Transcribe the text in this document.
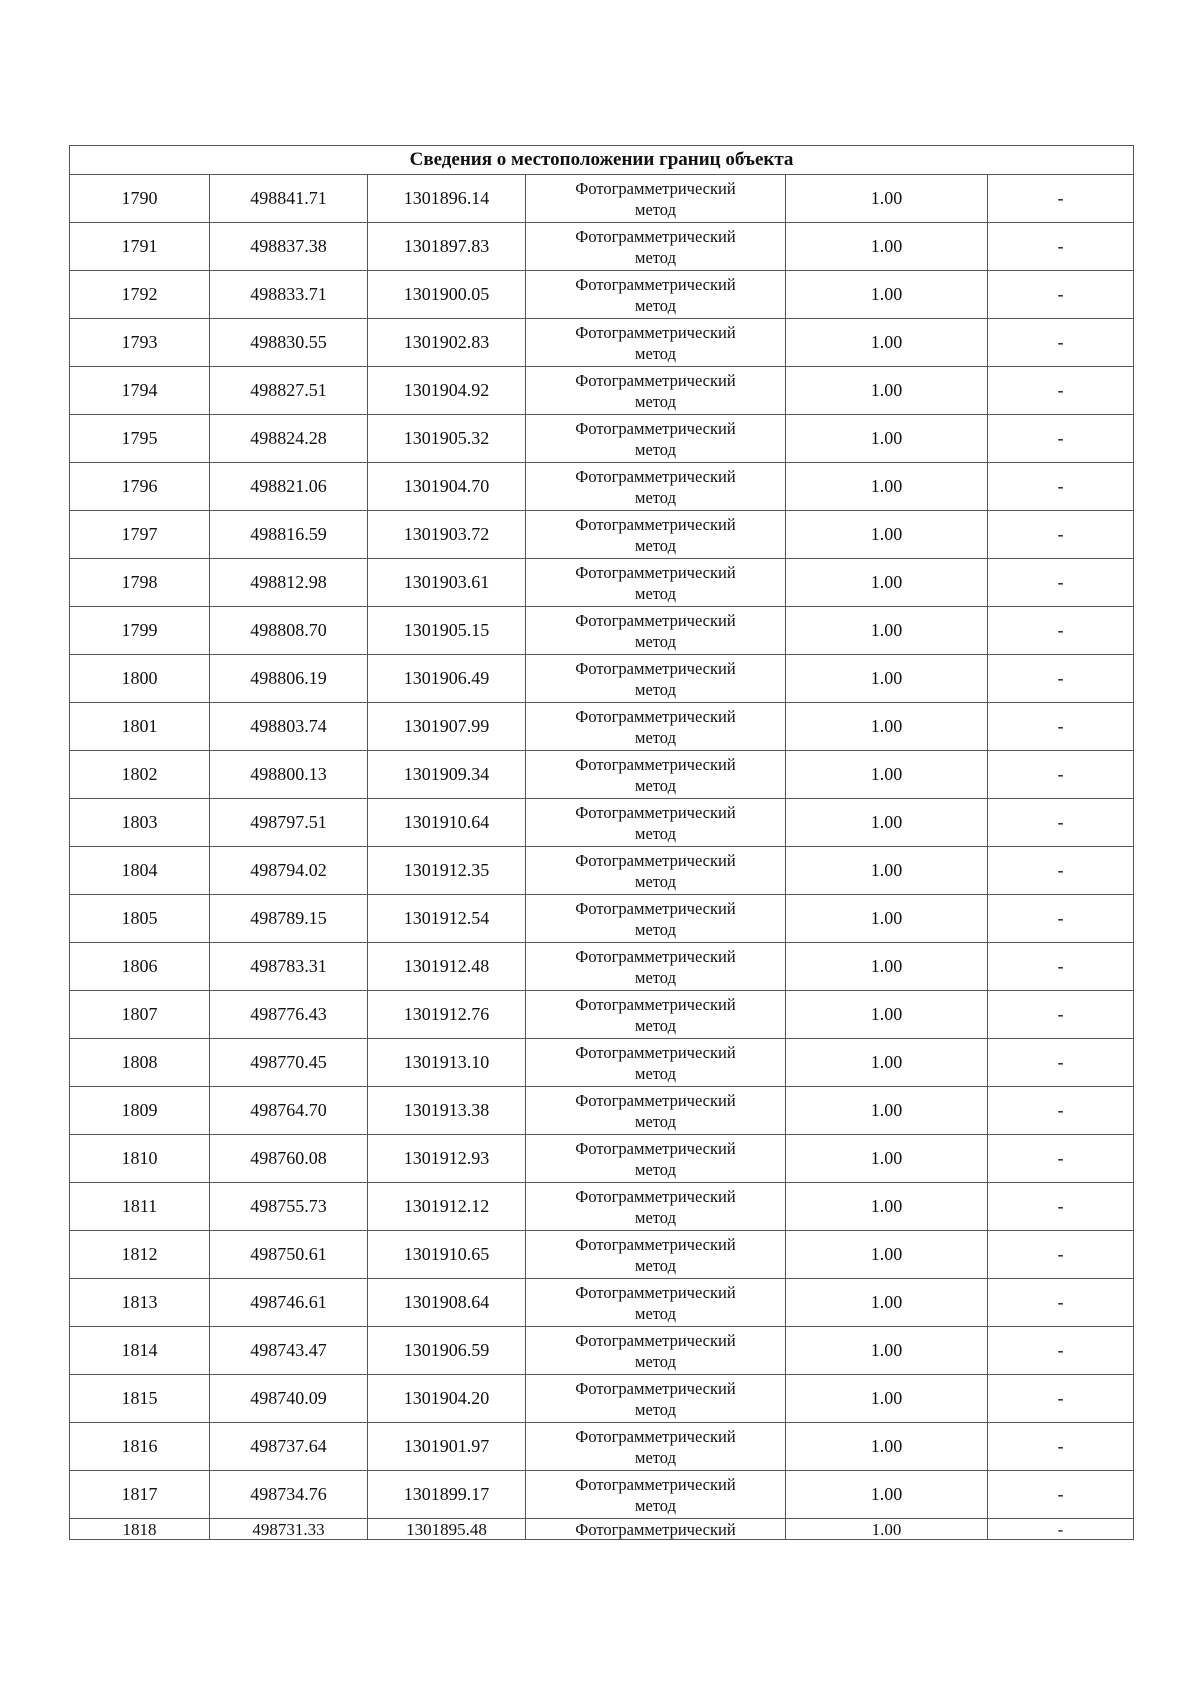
Сведения о местоположении границ объекта					
1790	498841.71	1301896.14	Фотограмметрический
метод	1.00	-
1791	498837.38	1301897.83	Фотограмметрический
метод	1.00	-
1792	498833.71	1301900.05	Фотограмметрический
метод	1.00	-
1793	498830.55	1301902.83	Фотограмметрический
метод	1.00	-
1794	498827.51	1301904.92	Фотограмметрический
метод	1.00	-
1795	498824.28	1301905.32	Фотограмметрический
метод	1.00	-
1796	498821.06	1301904.70	Фотограмметрический
метод	1.00	-
1797	498816.59	1301903.72	Фотограмметрический
метод	1.00	-
1798	498812.98	1301903.61	Фотограмметрический
метод	1.00	-
1799	498808.70	1301905.15	Фотограмметрический
метод	1.00	-
1800	498806.19	1301906.49	Фотограмметрический
метод	1.00	-
1801	498803.74	1301907.99	Фотограмметрический
метод	1.00	-
1802	498800.13	1301909.34	Фотограмметрический
метод	1.00	-
1803	498797.51	1301910.64	Фотограмметрический
метод	1.00	-
1804	498794.02	1301912.35	Фотограмметрический
метод	1.00	-
1805	498789.15	1301912.54	Фотограмметрический
метод	1.00	-
1806	498783.31	1301912.48	Фотограмметрический
метод	1.00	-
1807	498776.43	1301912.76	Фотограмметрический
метод	1.00	-
1808	498770.45	1301913.10	Фотограмметрический
метод	1.00	-
1809	498764.70	1301913.38	Фотограмметрический
метод	1.00	-
1810	498760.08	1301912.93	Фотограмметрический
метод	1.00	-
1811	498755.73	1301912.12	Фотограмметрический
метод	1.00	-
1812	498750.61	1301910.65	Фотограмметрический
метод	1.00	-
1813	498746.61	1301908.64	Фотограмметрический
метод	1.00	-
1814	498743.47	1301906.59	Фотограмметрический
метод	1.00	-
1815	498740.09	1301904.20	Фотограмметрический
метод	1.00	-
1816	498737.64	1301901.97	Фотограмметрический
метод	1.00	-
1817	498734.76	1301899.17	Фотограмметрический
метод	1.00	-
1818	498731.33	1301895.48	Фотограмметрический	1.00	-
